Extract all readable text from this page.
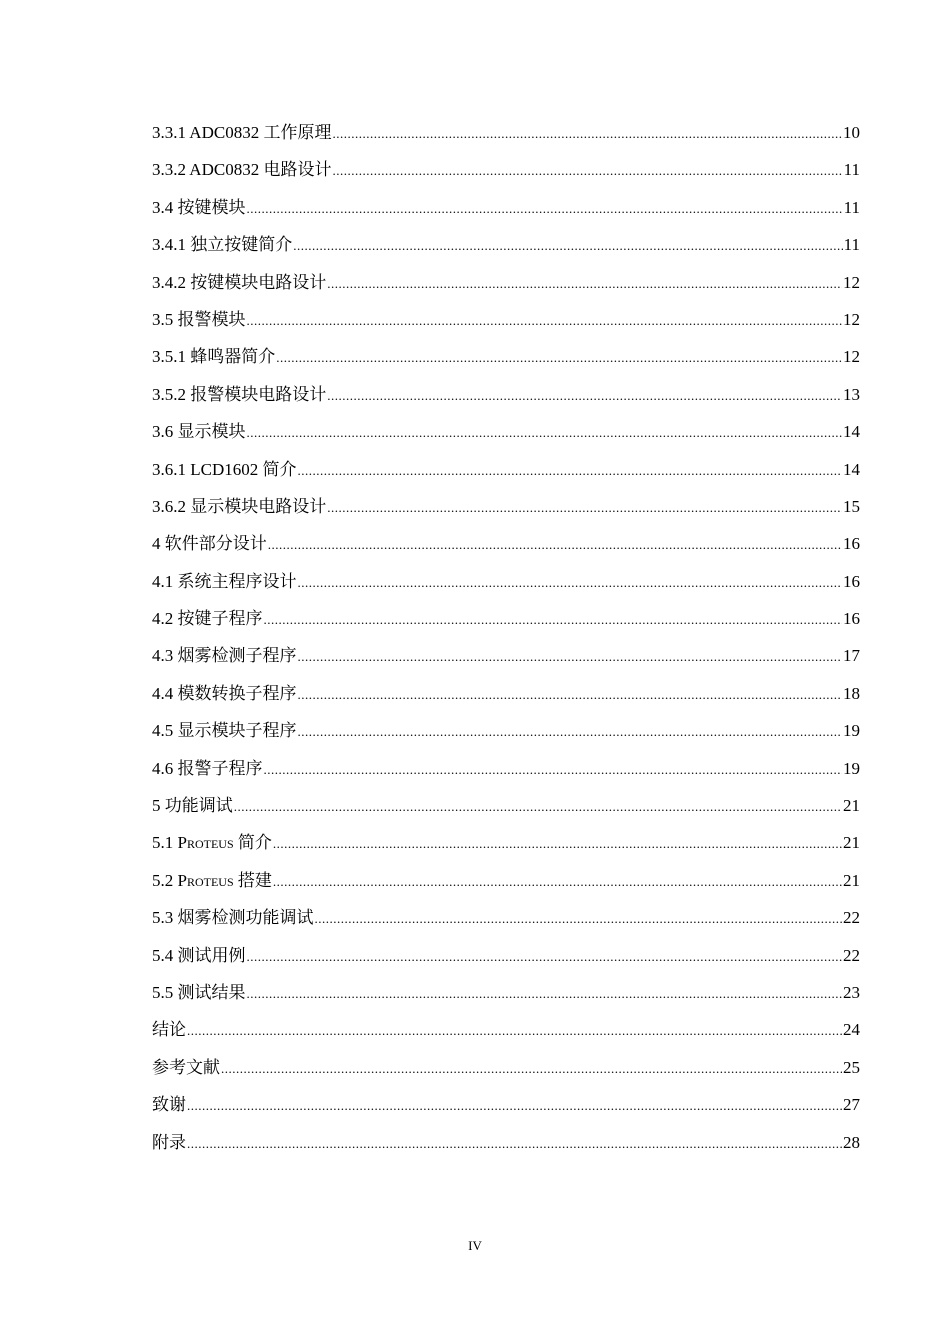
3.3.1 ADC0832 工作原理 .....	10
3.3.2 ADC0832 电路设计 .....	11
3.4 按键模块 .....	11
3.4.1 独立按键简介 .....	11
3.4.2 按键模块电路设计 .....	12
3.5 报警模块 .....	12
3.5.1 蜂鸣器简介 .....	12
3.5.2 报警模块电路设计 .....	13
3.6 显示模块 .....	14
3.6.1 LCD1602 简介 .....	14
3.6.2 显示模块电路设计 .....	15
4 软件部分设计 .....	16
4.1 系统主程序设计 .....	16
4.2 按键子程序 .....	16
4.3 烟雾检测子程序 .....	17
4.4 模数转换子程序 .....	18
4.5 显示模块子程序 .....	19
4.6 报警子程序 .....	19
5 功能调试 .....	21
5.1 Proteus 简介 .....	21
5.2 Proteus 搭建 .....	21
5.3 烟雾检测功能调试 .....	22
5.4 测试用例 .....	22
5.5 测试结果 .....	23
结论 .....	24
参考文献 .....	25
致谢 .....	27
附录 .....	28
IV
